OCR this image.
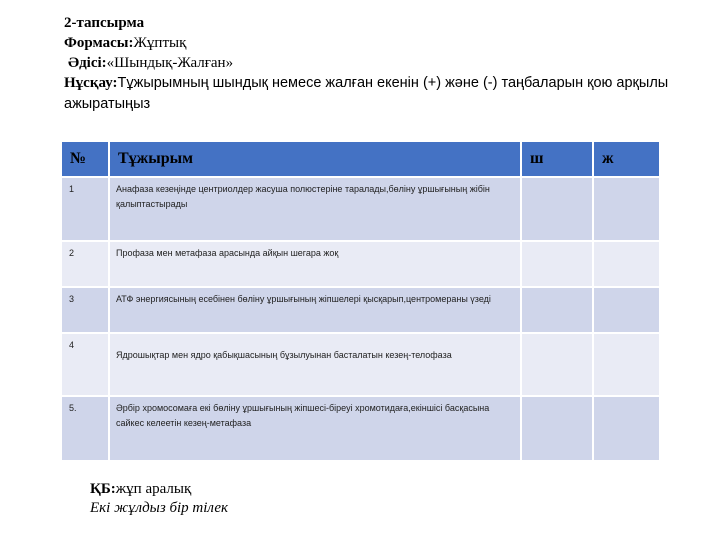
2-тапсырма
Формасы:Жұптық
Әдісі:«Шындық-Жалған»
Нұсқау:Тұжырымның шындық немесе жалған екенін (+) және (-) таңбаларын қою арқылы ажыратыңыз
№	Тұжырым	ш	ж
1	Анафаза кезеңінде центриолдер жасуша полюстеріне таралады,бөліну ұршығының жібін қалыптастырады		
2	Профаза мен метафаза арасында айқын шегара жоқ		
3	АТФ энергиясының есебінен бөліну ұршығының жіпшелері қысқарып,центромераны үзеді		
4	Ядрошықтар мен ядро қабықшасының бұзылуынан басталатын кезең-телофаза		

5.	Әрбір хромосомаға екі бөліну ұршығының жіпшесі-біреуі хромотидаға,екіншісі басқасына сайкес келеетін кезең-метафаза		
ҚБ:жұп аралық
Екі жұлдыз бір тілек
